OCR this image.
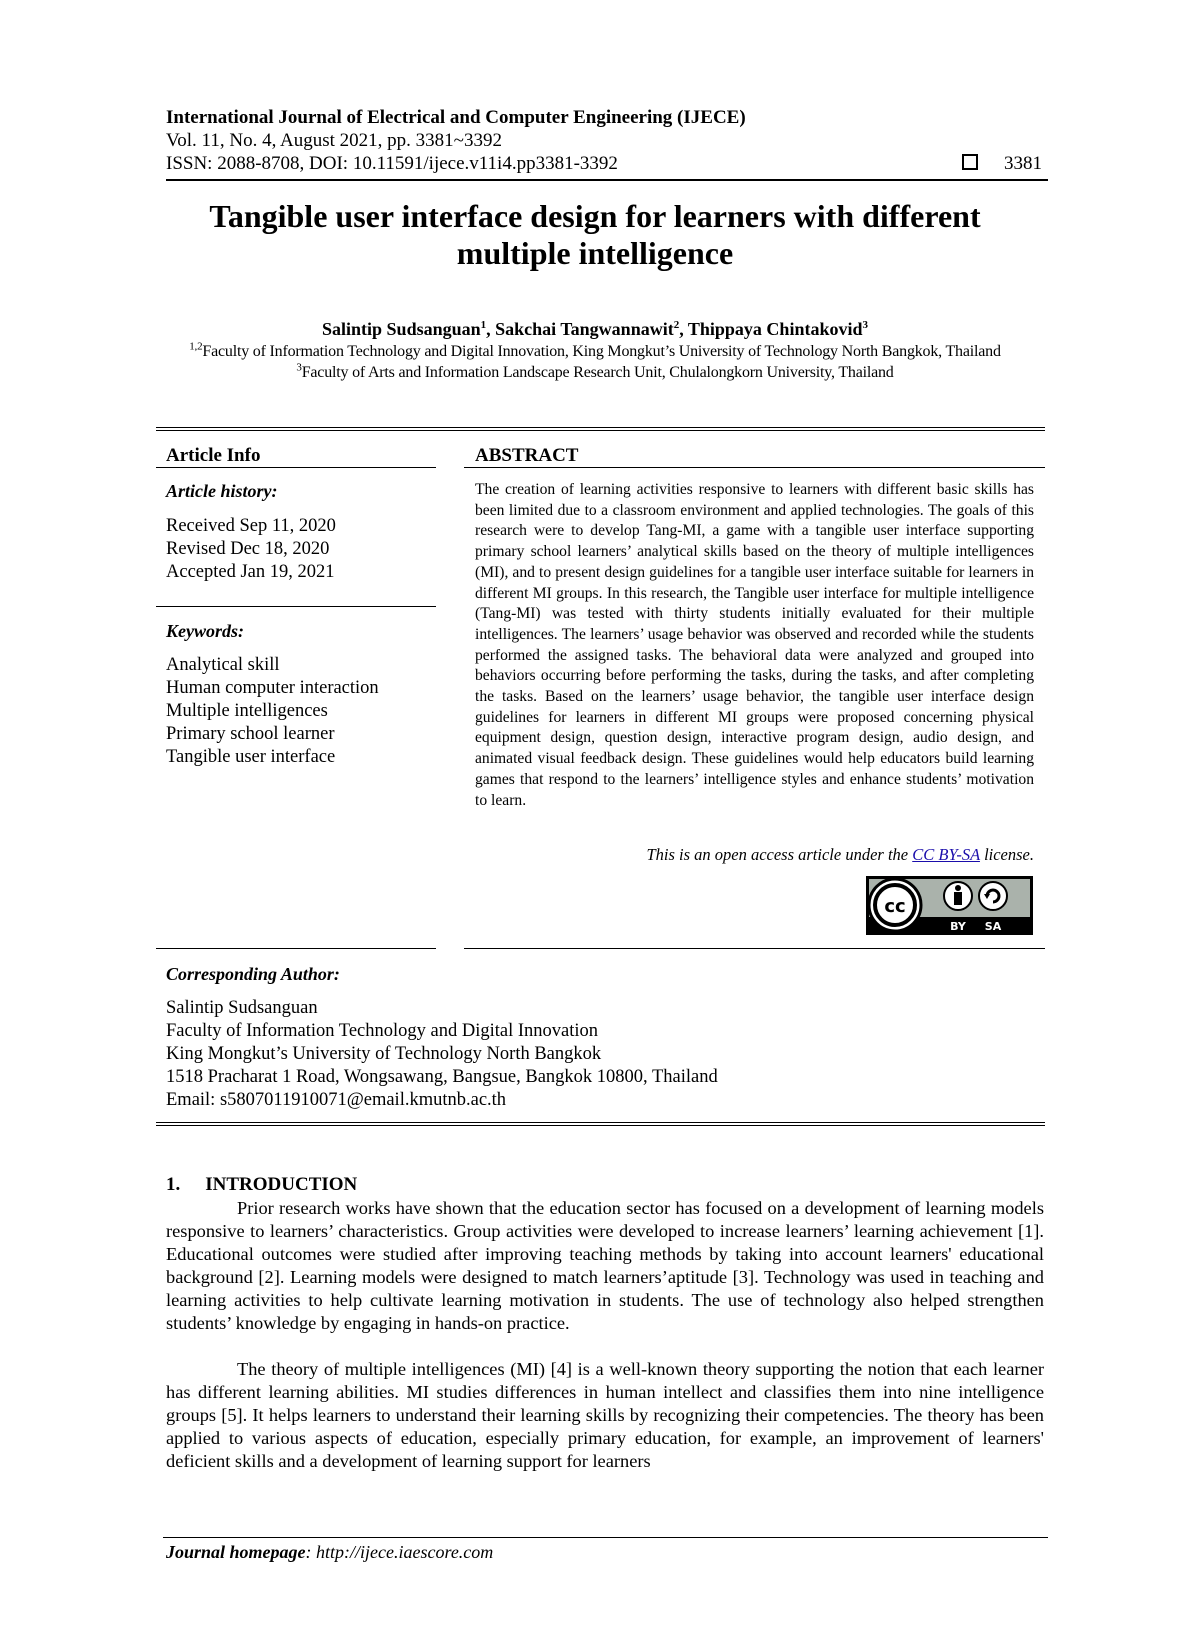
International Journal of Electrical and Computer Engineering (IJECE)
Vol. 11, No. 4, August 2021, pp. 3381~3392
ISSN: 2088-8708, DOI: 10.11591/ijece.v11i4.pp3381-3392	3381
Tangible user interface design for learners with different
multiple intelligence
Salintip Sudsanguan$^1$, Sakchai Tangwannawit$^2$, Thippaya Chintakovid$^3$
$^{1,2}$Faculty of Information Technology and Digital Innovation, King Mongkut’s University of Technology North Bangkok, Thailand
$^3$Faculty of Arts and Information Landscape Research Unit, Chulalongkorn University, Thailand
Article Info
Article history:
Received Sep 11, 2020
Revised Dec 18, 2020
Accepted Jan 19, 2021
Keywords:
Analytical skill
Human computer interaction
Multiple intelligences
Primary school learner
Tangible user interface
ABSTRACT
The creation of learning activities responsive to learners with different basic skills has been limited due to a classroom environment and applied technologies. The goals of this research were to develop Tang-MI, a game with a tangible user interface supporting primary school learners’ analytical skills based on the theory of multiple intelligences (MI), and to present design guidelines for a tangible user interface suitable for learners in different MI groups. In this research, the Tangible user interface for multiple intelligence (Tang-MI) was tested with thirty students initially evaluated for their multiple intelligences. The learners’ usage behavior was observed and recorded while the students performed the assigned tasks. The behavioral data were analyzed and grouped into behaviors occurring before performing the tasks, during the tasks, and after completing the tasks. Based on the learners’ usage behavior, the tangible user interface design guidelines for learners in different MI groups were proposed concerning physical equipment design, question design, interactive program design, audio design, and animated visual feedback design. These guidelines would help educators build learning games that respond to the learners’ intelligence styles and enhance students’ motivation to learn.
This is an open access article under the CC BY-SA license.
cc
BY SA
Corresponding Author:
Salintip Sudsanguan
Faculty of Information Technology and Digital Innovation
King Mongkut’s University of Technology North Bangkok
1518 Pracharat 1 Road, Wongsawang, Bangsue, Bangkok 10800, Thailand
Email: s5807011910071@email.kmutnb.ac.th
1. INTRODUCTION
Prior research works have shown that the education sector has focused on a development of learning models responsive to learners’ characteristics. Group activities were developed to increase learners’ learning achievement [1]. Educational outcomes were studied after improving teaching methods by taking into account learners' educational background [2]. Learning models were designed to match learners’aptitude [3]. Technology was used in teaching and learning activities to help cultivate learning motivation in students. The use of technology also helped strengthen students’ knowledge by engaging in hands-on practice.
The theory of multiple intelligences (MI) [4] is a well-known theory supporting the notion that each learner has different learning abilities. MI studies differences in human intellect and classifies them into nine intelligence groups [5]. It helps learners to understand their learning skills by recognizing their competencies. The theory has been applied to various aspects of education, especially primary education, for example, an improvement of learners' deficient skills and a development of learning support for learners
Journal homepage: http://ijece.iaescore.com
